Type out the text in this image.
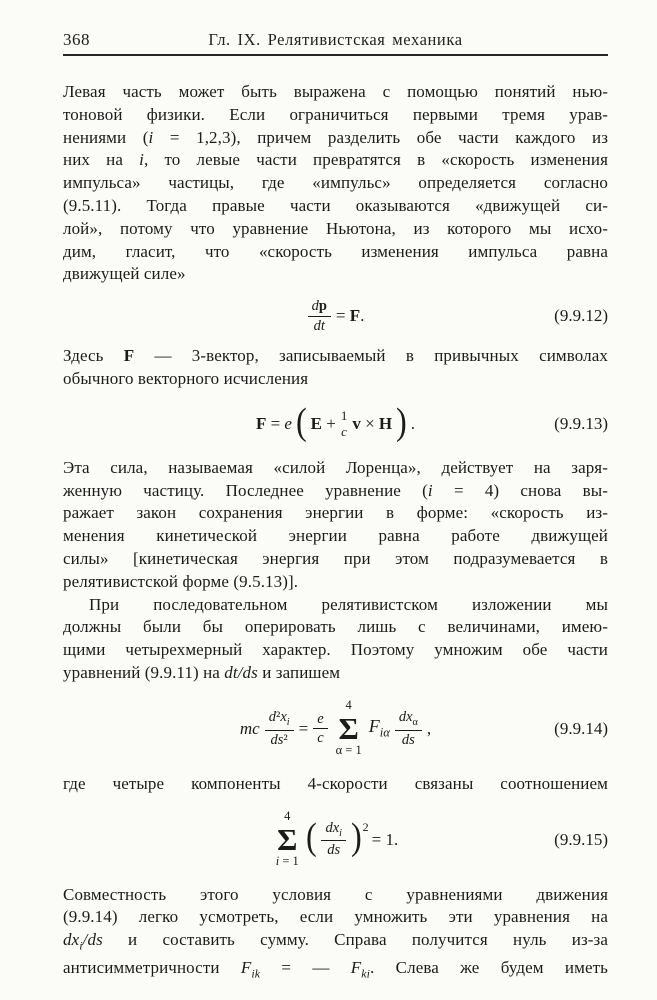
368	Гл. IX. Релятивистская механика
Левая часть может быть выражена с помощью понятий нью-
тоновой физики. Если ограничиться первыми тремя урав-
нениями (i = 1,2,3), причем разделить обе части каждого из
них на i, то левые части превратятся в «скорость изменения
импульса» частицы, где «импульс» определяется согласно
(9.5.11). Тогда правые части оказываются «движущей си-
лой», потому что уравнение Ньютона, из которого мы исхо-
дим, гласит, что «скорость изменения импульса равна
движущей силе»
$\frac{dp}{dt} = F$.	(9.9.12)
Здесь F — 3-вектор, записываемый в привычных символах
обычного векторного исчисления
F = e ( E + 1
c v × H ) .	(9.9.13)
Эта сила, называемая «силой Лоренца», действует на заря-
женную частицу. Последнее уравнение (i = 4) снова вы-
ражает закон сохранения энергии в форме: «скорость из-
менения кинетической энергии равна работе движущей
силы» [кинетическая энергия при этом подразумевается в
релятивистской форме (9.5.13)].
При последовательном релятивистском изложении мы
должны были бы оперировать лишь с величинами, имею-
щими четырехмерный характер. Поэтому умножим обе части
уравнений (9.9.11) на dt/ds и запишем
mc $\frac{d^2x_i}{\text{ds²}} = \frac{e}{c}$
4
Σ
α = 1
$F_{i\alpha} \frac{dx_\alpha}{ds}$ ,	(9.9.14)
где четыре компоненты 4-скорости связаны соотношением
4
Σ
i = 1
( $\frac{dx_i}{ds}$ ) 2
= 1.	(9.9.15)
Совместность этого условия с уравнениями движения
(9.9.14) легко усмотреть, если умножить эти уравнения на
$dx_i/ds$ и составить сумму. Справа получится нуль из-за
антисимметричности $F_{ik}$ = — $F_{ki}$. Слева же будем иметь
